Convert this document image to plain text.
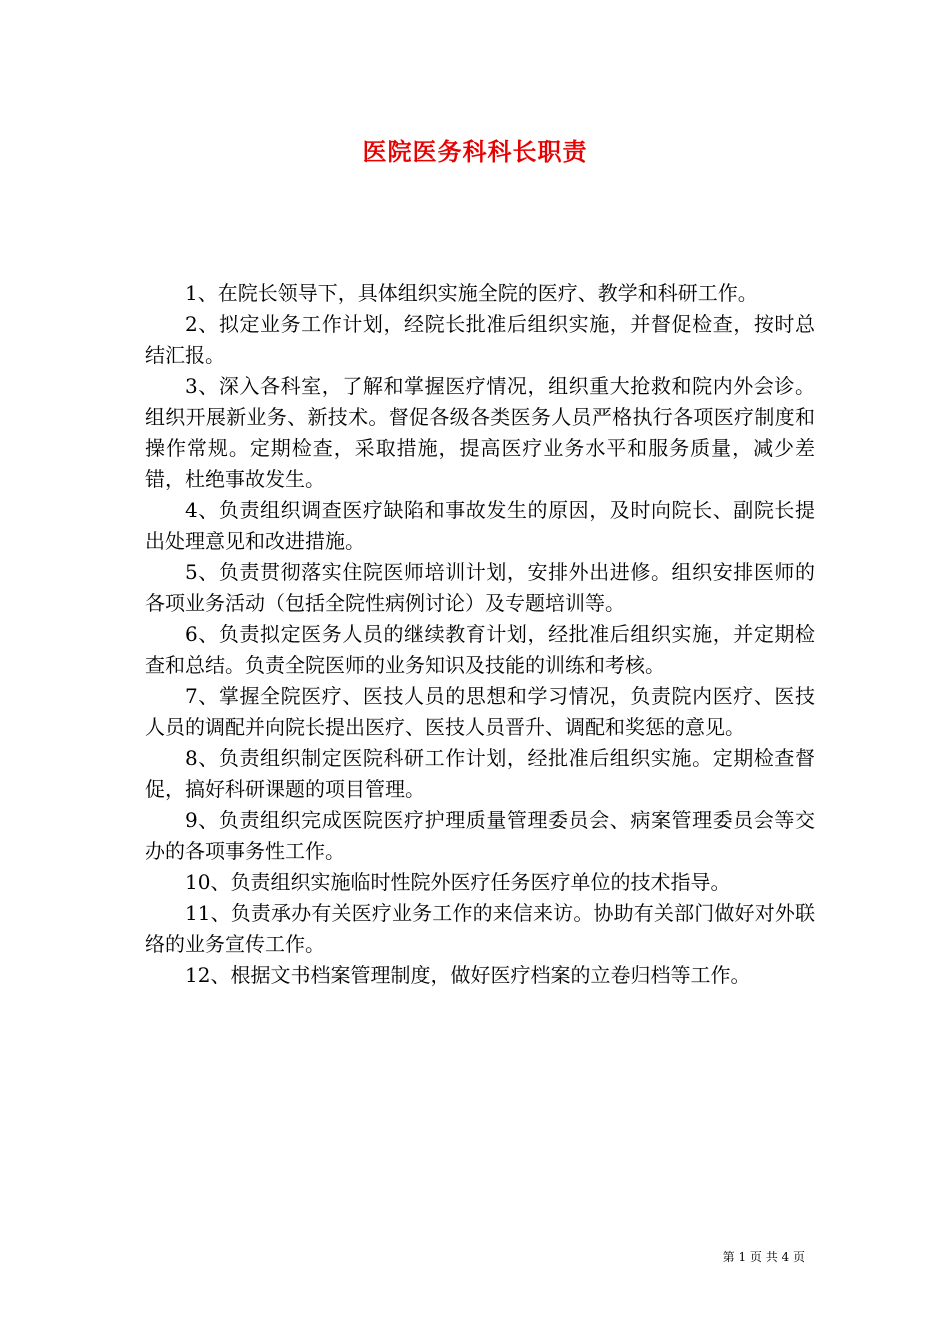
医院医务科科长职责

1、在院长领导下，具体组织实施全院的医疗、教学和科研工作。

2、拟定业务工作计划，经院长批准后组织实施，并督促检查，按时总结汇报。

3、深入各科室，了解和掌握医疗情况，组织重大抢救和院内外会诊。组织开展新业务、新技术。督促各级各类医务人员严格执行各项医疗制度和操作常规。定期检查，采取措施，提高医疗业务水平和服务质量，减少差错，杜绝事故发生。

4、负责组织调查医疗缺陷和事故发生的原因，及时向院长、副院长提出处理意见和改进措施。

5、负责贯彻落实住院医师培训计划，安排外出进修。组织安排医师的各项业务活动（包括全院性病例讨论）及专题培训等。

6、负责拟定医务人员的继续教育计划，经批准后组织实施，并定期检查和总结。负责全院医师的业务知识及技能的训练和考核。

7、掌握全院医疗、医技人员的思想和学习情况，负责院内医疗、医技人员的调配并向院长提出医疗、医技人员晋升、调配和奖惩的意见。

8、负责组织制定医院科研工作计划，经批准后组织实施。定期检查督促，搞好科研课题的项目管理。

9、负责组织完成医院医疗护理质量管理委员会、病案管理委员会等交办的各项事务性工作。

10、负责组织实施临时性院外医疗任务医疗单位的技术指导。

11、负责承办有关医疗业务工作的来信来访。协助有关部门做好对外联络的业务宣传工作。

12、根据文书档案管理制度，做好医疗档案的立卷归档等工作。

第 1 页 共 4 页
